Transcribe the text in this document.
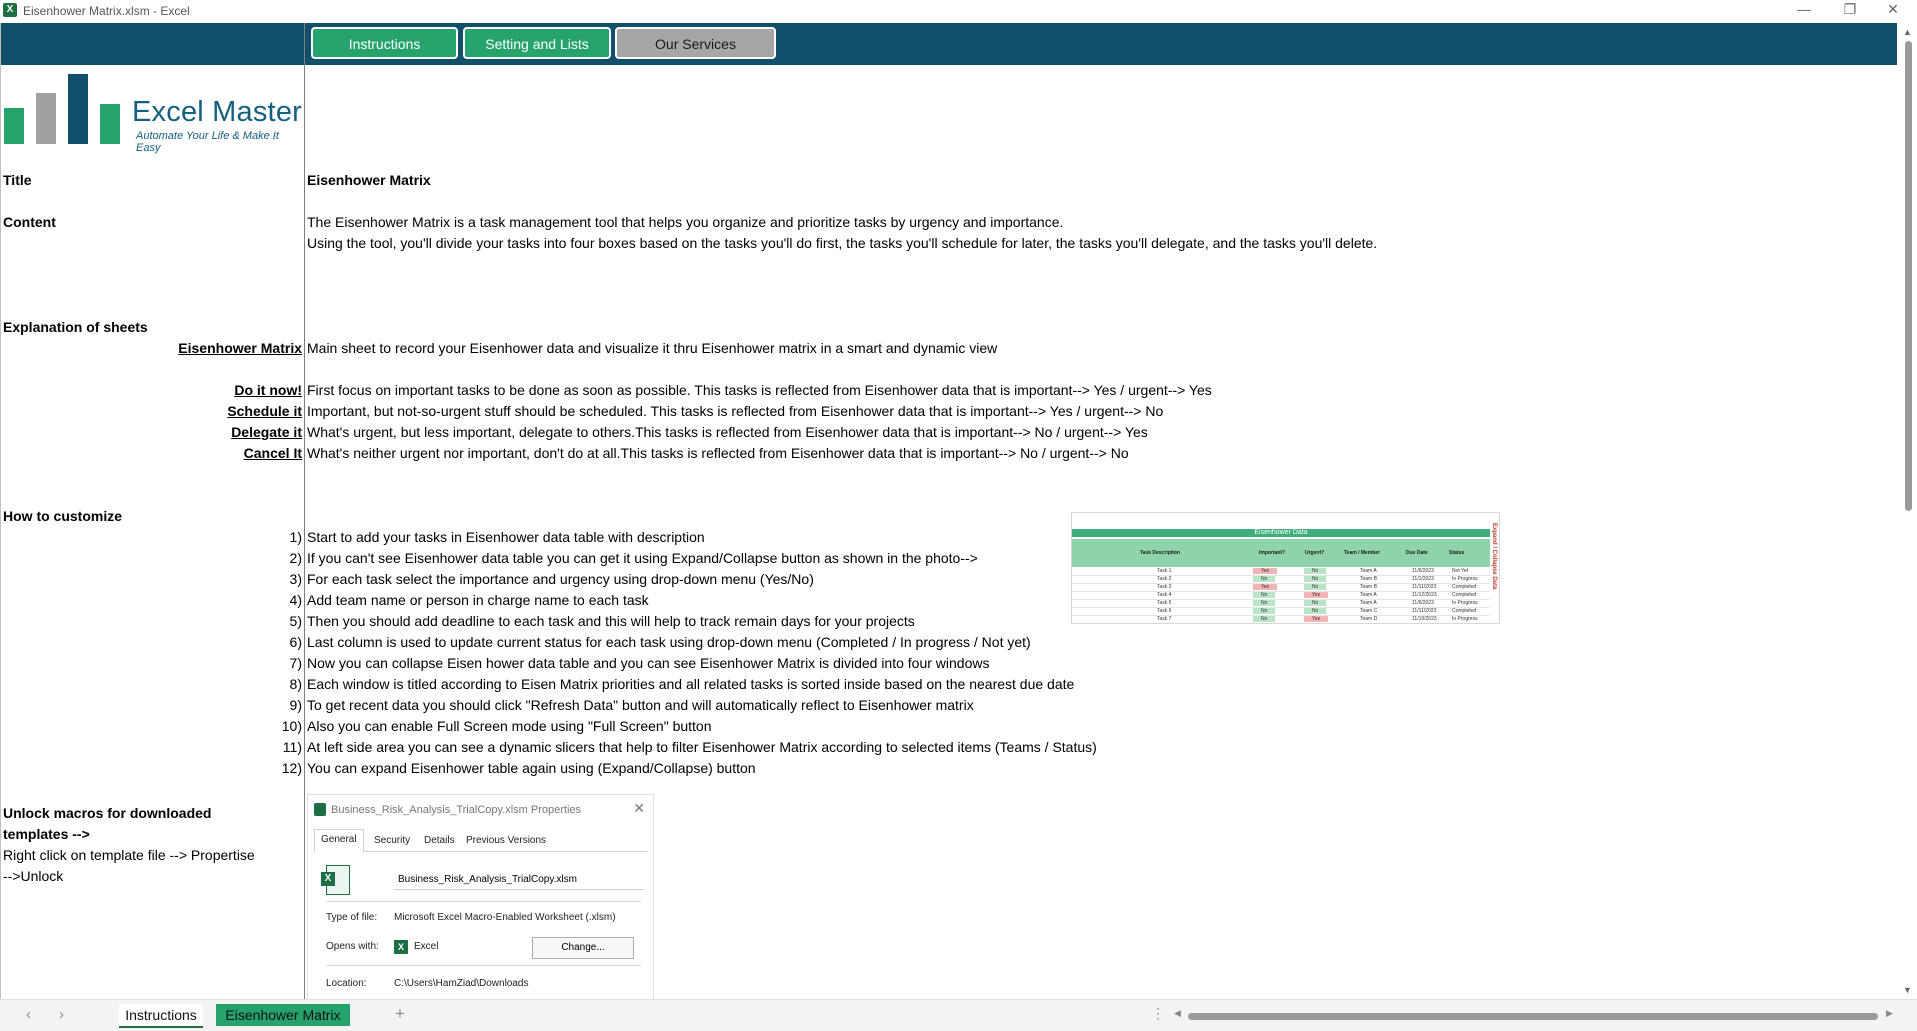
X Eisenhower Matrix.xlsm - Excel	—	❐	✕
Instructions	Setting and Lists	Our Services
Excel Master
Automate Your Life & Make It Easy
Title	Eisenhower Matrix
Content	The Eisenhower Matrix is a task management tool that helps you organize and prioritize tasks by urgency and importance.
Using the tool, you'll divide your tasks into four boxes based on the tasks you'll do first, the tasks you'll schedule for later, the tasks you'll delegate, and the tasks you'll delete.
Explanation of sheets
Eisenhower Matrix Main sheet to record your Eisenhower data and visualize it thru Eisenhower matrix in a smart and dynamic view
Do it now! First focus on important tasks to be done as soon as possible. This tasks is reflected from Eisenhower data that is important--> Yes / urgent--> Yes
Schedule it Important, but not-so-urgent stuff should be scheduled. This tasks is reflected from Eisenhower data that is important--> Yes / urgent--> No
Delegate it What's urgent, but less important, delegate to others.This tasks is reflected from Eisenhower data that is important--> No / urgent--> Yes
Cancel It What's neither urgent nor important, don't do at all.This tasks is reflected from Eisenhower data that is important--> No / urgent--> No
How to customize
1) Start to add your tasks in Eisenhower data table with description
2) If you can't see Eisenhower data table you can get it using Expand/Collapse button as shown in the photo-->
3) For each task select the importance and urgency using drop-down menu (Yes/No)
4) Add team name or person in charge name to each task
5) Then you should add deadline to each task and this will help to track remain days for your projects
6) Last column is used to update current status for each task using drop-down menu (Completed / In progress / Not yet)
7) Now you can collapse Eisen hower data table and you can see Eisenhower Matrix is divided into four windows
8) Each window is titled according to Eisen Matrix priorities and all related tasks is sorted inside based on the nearest due date
9) To get recent data you should click "Refresh Data" button and will automatically reflect to Eisenhower matrix
10) Also you can enable Full Screen mode using "Full Screen" button
11) At left side area you can see a dynamic slicers that help to filter Eisenhower Matrix according to selected items (Teams / Status)
12) You can expand Eisenhower table again using (Expand/Collapse) button
Eisenhower Data
Task Description	Important?	Urgent?	Team / Member	Due Date	Status
Task 1	Yes	No	Team A	11/6/2023	Not Yet
Task 2	No	No	Team B	11/1/2023	In Progress
Task 3	Yes	No	Team B	11/11/2023	Completed
Task 4	No	Yes	Team A	11/12/2023	Completed
Task 5	No	No	Team A	11/6/2023	In Progress
Task 6	No	No	Team C	11/11/2023	Completed
Task 7	No	Yes	Team D	11/19/2023	In Progress
Expand / Collapse Data
Unlock macros for downloaded
templates -->
Right click on template file --> Propertise
-->Unlock
Business_Risk_Analysis_TrialCopy.xlsm Properties	✕
General	Security	Details	Previous Versions
X	Business_Risk_Analysis_TrialCopy.xlsm
Type of file: Microsoft Excel Macro-Enabled Worksheet (.xlsm)
Opens with:	X	Excel	Change...
Location:	C:\Users\HamZiad\Downloads
▲
▼
‹ ›	Instructions	Eisenhower Matrix	+	⋮ ◀	▶
